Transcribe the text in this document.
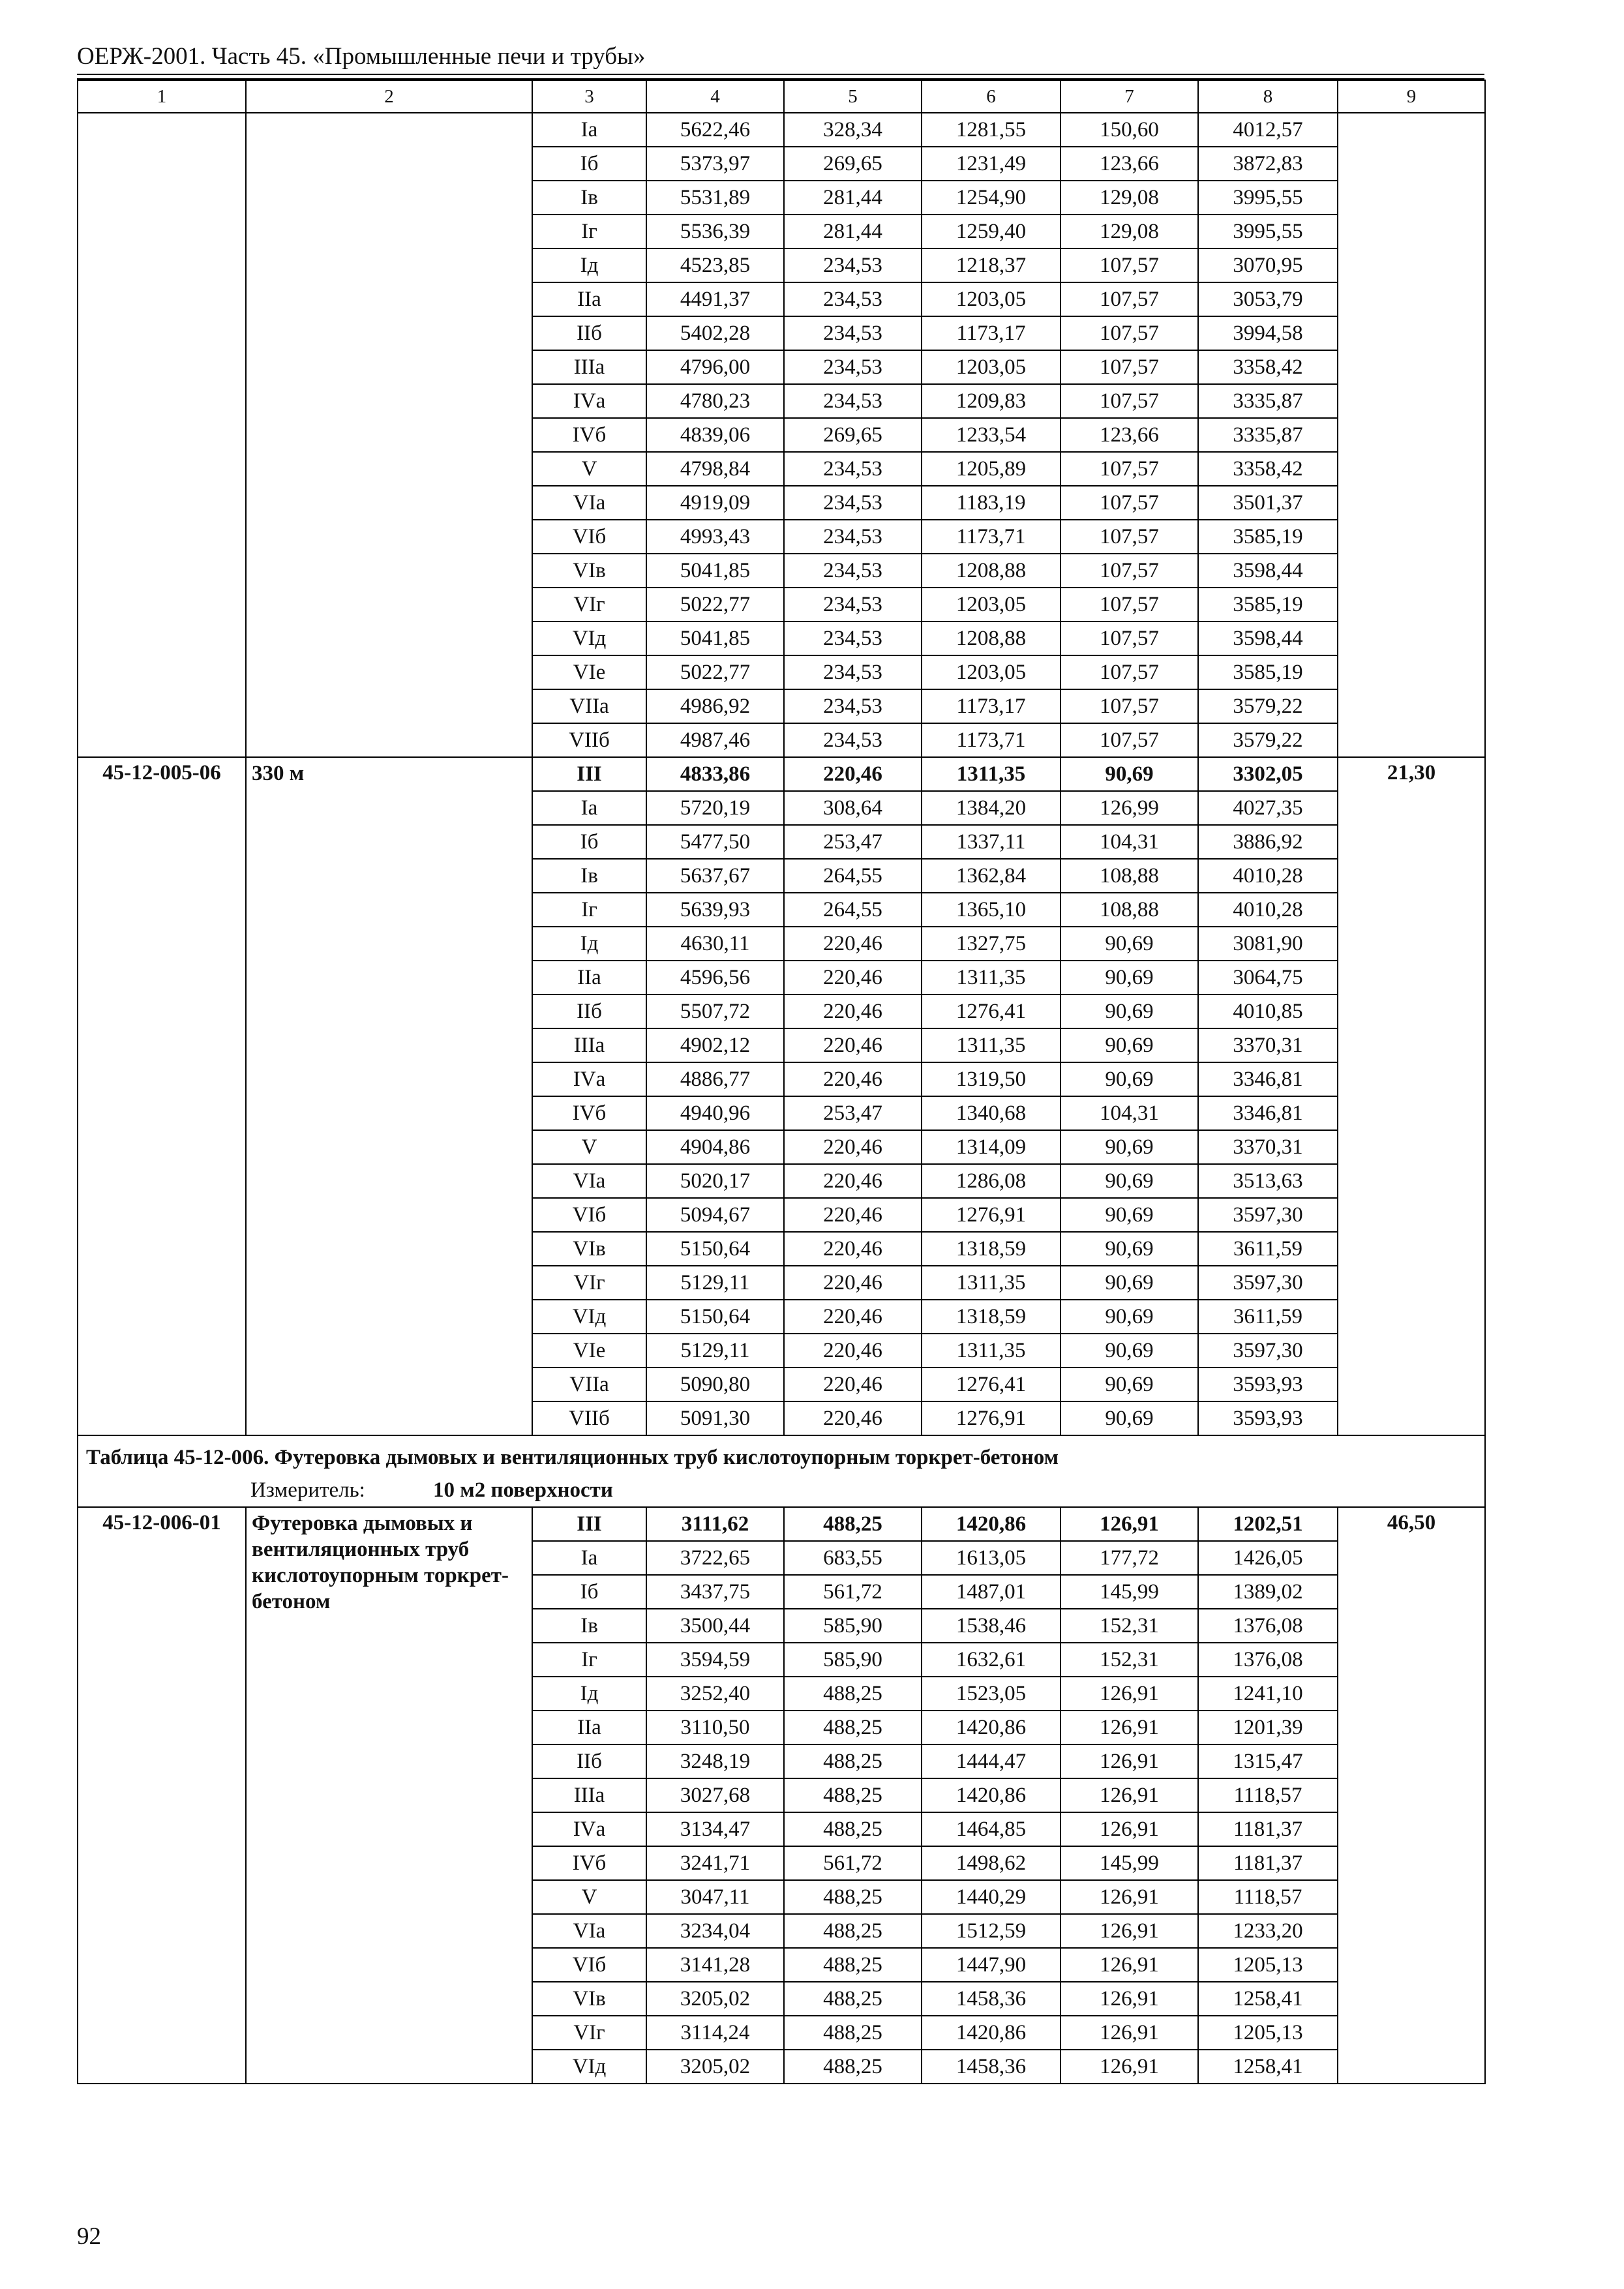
ОЕРЖ-2001. Часть 45. «Промышленные печи и трубы»
1	2	3	4	5	6	7	8	9
		Iа	5622,46	328,34	1281,55	150,60	4012,57	
		Iб	5373,97	269,65	1231,49	123,66	3872,83	
		Iв	5531,89	281,44	1254,90	129,08	3995,55	
		Iг	5536,39	281,44	1259,40	129,08	3995,55	
		Iд	4523,85	234,53	1218,37	107,57	3070,95	
		IIа	4491,37	234,53	1203,05	107,57	3053,79	
		IIб	5402,28	234,53	1173,17	107,57	3994,58	
		IIIа	4796,00	234,53	1203,05	107,57	3358,42	
		IVа	4780,23	234,53	1209,83	107,57	3335,87	
		IVб	4839,06	269,65	1233,54	123,66	3335,87	
		V	4798,84	234,53	1205,89	107,57	3358,42	
		VIа	4919,09	234,53	1183,19	107,57	3501,37	
		VIб	4993,43	234,53	1173,71	107,57	3585,19	
		VIв	5041,85	234,53	1208,88	107,57	3598,44	
		VIг	5022,77	234,53	1203,05	107,57	3585,19	
		VIд	5041,85	234,53	1208,88	107,57	3598,44	
		VIе	5022,77	234,53	1203,05	107,57	3585,19	
		VIIа	4986,92	234,53	1173,17	107,57	3579,22	
		VIIб	4987,46	234,53	1173,71	107,57	3579,22	
45-12-005-06	330 м	III	4833,86	220,46	1311,35	90,69	3302,05	21,30
		Iа	5720,19	308,64	1384,20	126,99	4027,35	
		Iб	5477,50	253,47	1337,11	104,31	3886,92	
		Iв	5637,67	264,55	1362,84	108,88	4010,28	
		Iг	5639,93	264,55	1365,10	108,88	4010,28	
		Iд	4630,11	220,46	1327,75	90,69	3081,90	
		IIа	4596,56	220,46	1311,35	90,69	3064,75	
		IIб	5507,72	220,46	1276,41	90,69	4010,85	
		IIIа	4902,12	220,46	1311,35	90,69	3370,31	
		IVа	4886,77	220,46	1319,50	90,69	3346,81	
		IVб	4940,96	253,47	1340,68	104,31	3346,81	
		V	4904,86	220,46	1314,09	90,69	3370,31	
		VIа	5020,17	220,46	1286,08	90,69	3513,63	
		VIб	5094,67	220,46	1276,91	90,69	3597,30	
		VIв	5150,64	220,46	1318,59	90,69	3611,59	
		VIг	5129,11	220,46	1311,35	90,69	3597,30	
		VIд	5150,64	220,46	1318,59	90,69	3611,59	
		VIе	5129,11	220,46	1311,35	90,69	3597,30	
		VIIа	5090,80	220,46	1276,41	90,69	3593,93	
		VIIб	5091,30	220,46	1276,91	90,69	3593,93	
Таблица 45-12-006. Футеровка дымовых и вентиляционных труб кислотоупорным торкрет-бетоном
Измеритель: 10 м2 поверхности								

45-12-006-01	Футеровка дымовых и вентиляционных труб кислотоупорным торкрет-бетоном	III	3111,62	488,25	1420,86	126,91	1202,51	46,50
		Iа	3722,65	683,55	1613,05	177,72	1426,05	
		Iб	3437,75	561,72	1487,01	145,99	1389,02	
		Iв	3500,44	585,90	1538,46	152,31	1376,08	
		Iг	3594,59	585,90	1632,61	152,31	1376,08	
		Iд	3252,40	488,25	1523,05	126,91	1241,10	
		IIа	3110,50	488,25	1420,86	126,91	1201,39	
		IIб	3248,19	488,25	1444,47	126,91	1315,47	
		IIIа	3027,68	488,25	1420,86	126,91	1118,57	
		IVа	3134,47	488,25	1464,85	126,91	1181,37	
		IVб	3241,71	561,72	1498,62	145,99	1181,37	
		V	3047,11	488,25	1440,29	126,91	1118,57	
		VIа	3234,04	488,25	1512,59	126,91	1233,20	
		VIб	3141,28	488,25	1447,90	126,91	1205,13	
		VIв	3205,02	488,25	1458,36	126,91	1258,41	
		VIг	3114,24	488,25	1420,86	126,91	1205,13	
		VIд	3205,02	488,25	1458,36	126,91	1258,41	
92
